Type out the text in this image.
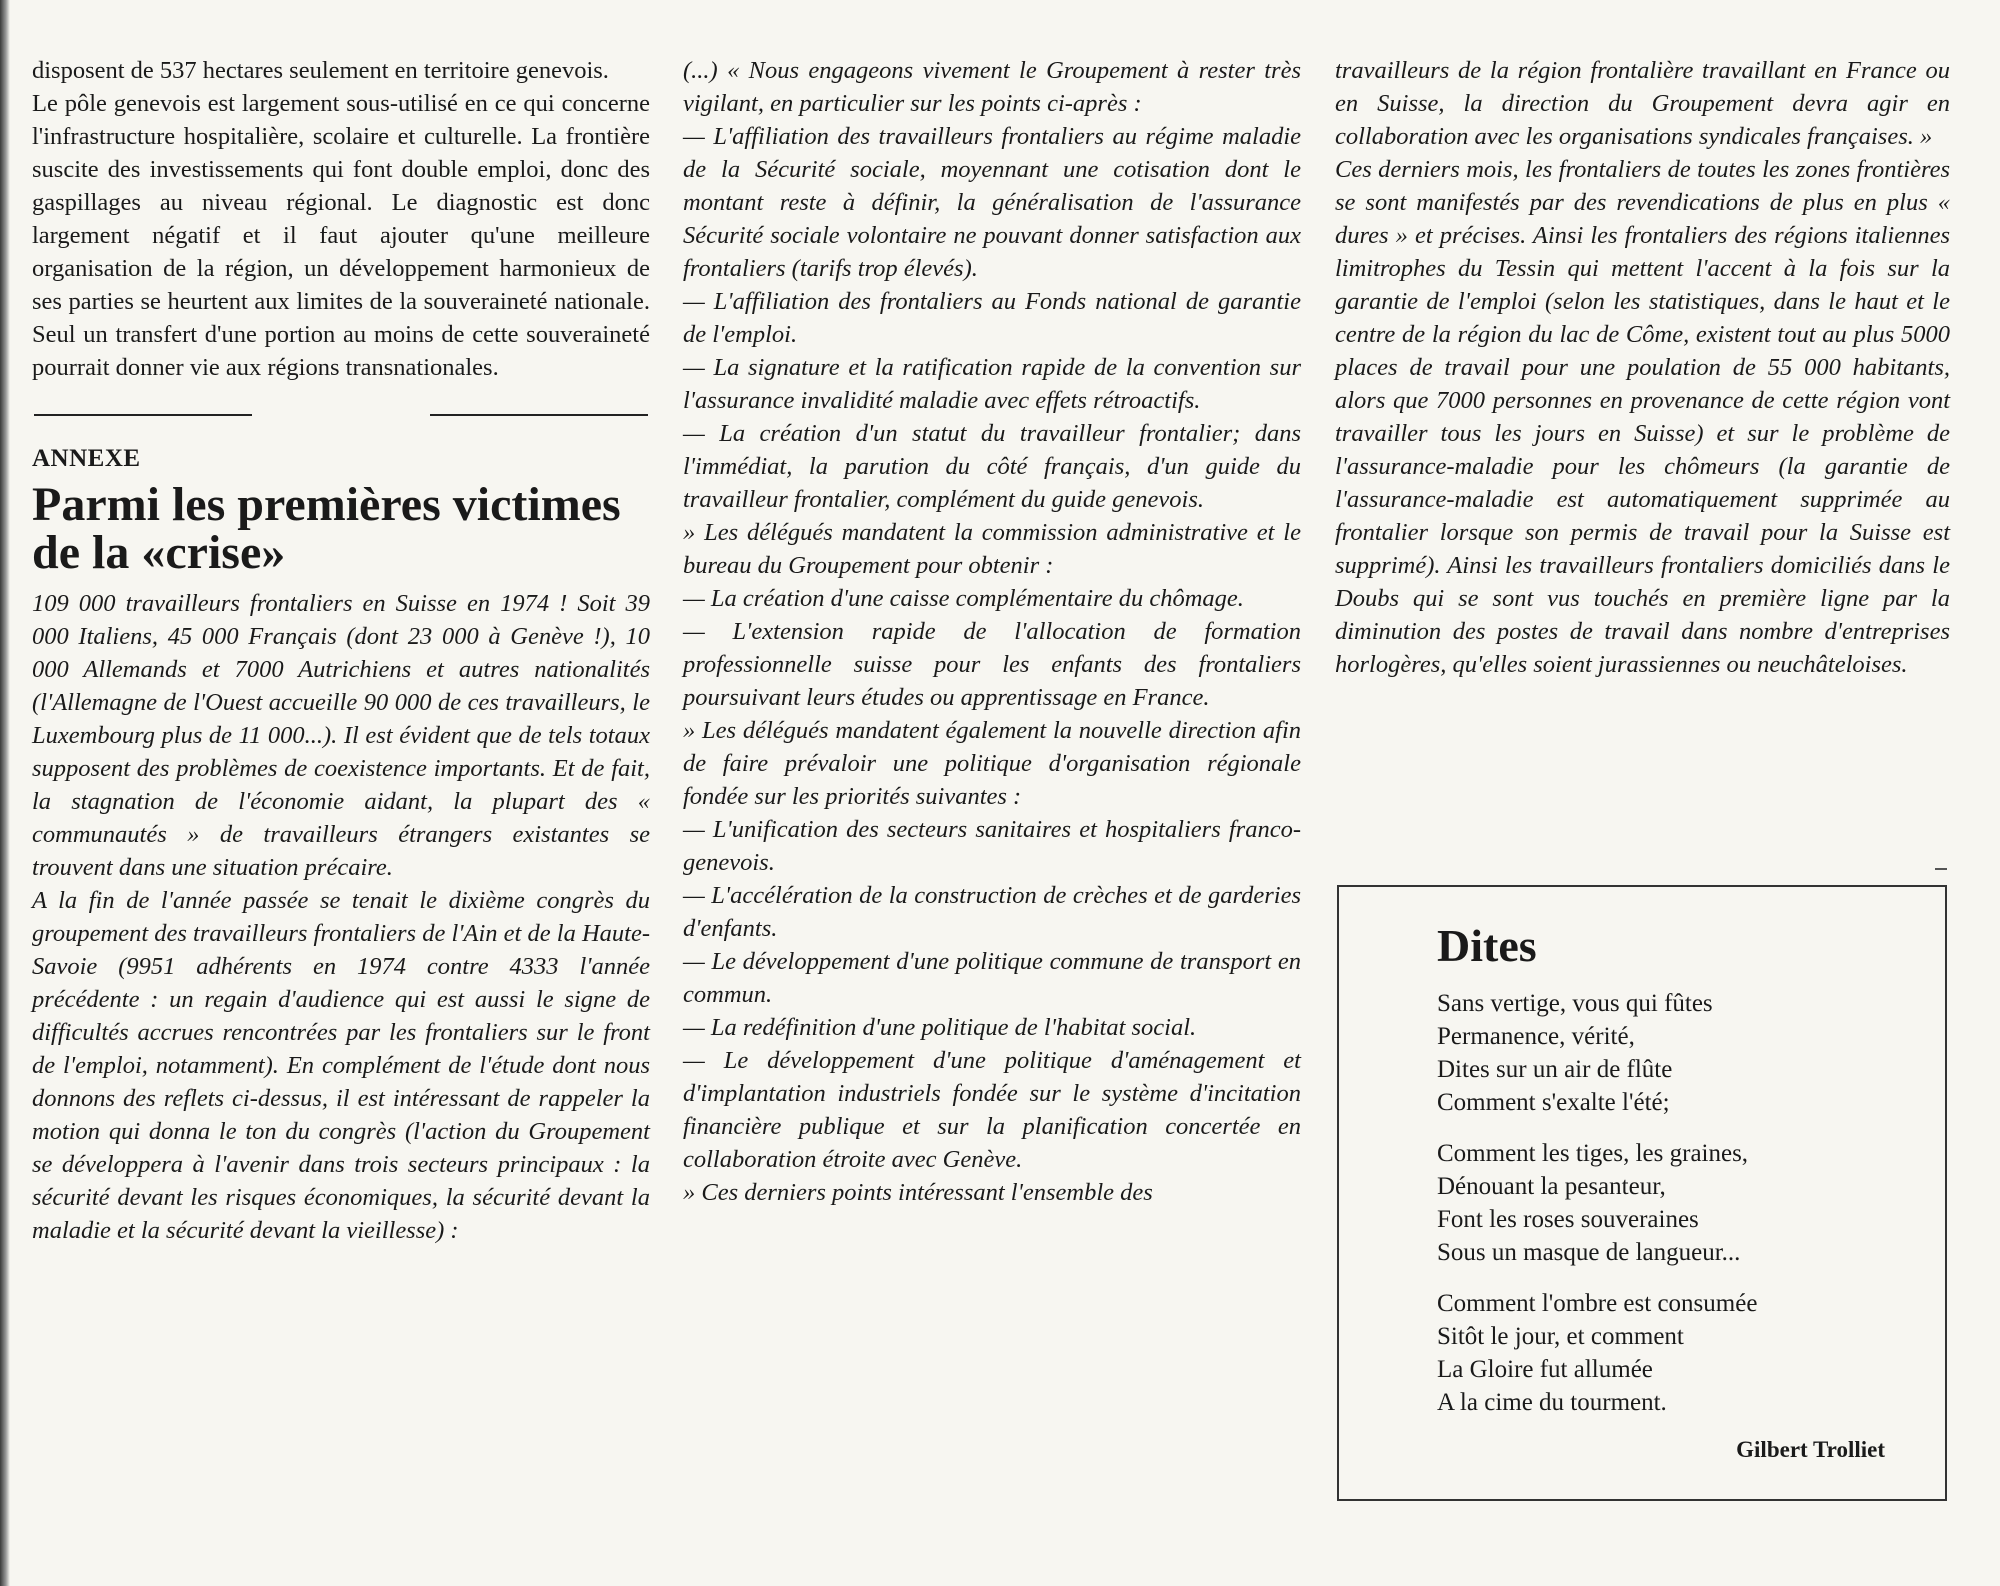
disposent de 537 hectares seulement en territoire genevois.

Le pôle genevois est largement sous-utilisé en ce qui concerne l'infrastructure hospitalière, scolaire et culturelle. La frontière suscite des investissements qui font double emploi, donc des gaspillages au niveau régional. Le diagnostic est donc largement négatif et il faut ajouter qu'une meilleure organisation de la région, un développement harmonieux de ses parties se heurtent aux limites de la souveraineté nationale. Seul un transfert d'une portion au moins de cette souveraineté pourrait donner vie aux régions transnationales.

ANNEXE
Parmi les premières victimes de la «crise»

109 000 travailleurs frontaliers en Suisse en 1974 ! Soit 39 000 Italiens, 45 000 Français (dont 23 000 à Genève !), 10 000 Allemands et 7000 Autrichiens et autres nationalités (l'Allemagne de l'Ouest accueille 90 000 de ces travailleurs, le Luxembourg plus de 11 000...). Il est évident que de tels totaux supposent des problèmes de coexistence importants. Et de fait, la stagnation de l'économie aidant, la plupart des « communautés » de travailleurs étrangers existantes se trouvent dans une situation précaire.

A la fin de l'année passée se tenait le dixième congrès du groupement des travailleurs frontaliers de l'Ain et de la Haute-Savoie (9951 adhérents en 1974 contre 4333 l'année précédente : un regain d'audience qui est aussi le signe de difficultés accrues rencontrées par les frontaliers sur le front de l'emploi, notamment). En complément de l'étude dont nous donnons des reflets ci-dessus, il est intéressant de rappeler la motion qui donna le ton du congrès (l'action du Groupement se développera à l'avenir dans trois secteurs principaux : la sécurité devant les risques économiques, la sécurité devant la maladie et la sécurité devant la vieillesse) :

(...) « Nous engageons vivement le Groupement à rester très vigilant, en particulier sur les points ci-après :

— L'affiliation des travailleurs frontaliers au régime maladie de la Sécurité sociale, moyennant une cotisation dont le montant reste à définir, la généralisation de l'assurance Sécurité sociale volontaire ne pouvant donner satisfaction aux frontaliers (tarifs trop élevés).

— L'affiliation des frontaliers au Fonds national de garantie de l'emploi.

— La signature et la ratification rapide de la convention sur l'assurance invalidité maladie avec effets rétroactifs.

— La création d'un statut du travailleur frontalier; dans l'immédiat, la parution du côté français, d'un guide du travailleur frontalier, complément du guide genevois.

» Les délégués mandatent la commission administrative et le bureau du Groupement pour obtenir :

— La création d'une caisse complémentaire du chômage.

— L'extension rapide de l'allocation de formation professionnelle suisse pour les enfants des frontaliers poursuivant leurs études ou apprentissage en France.

» Les délégués mandatent également la nouvelle direction afin de faire prévaloir une politique d'organisation régionale fondée sur les priorités suivantes :

— L'unification des secteurs sanitaires et hospitaliers franco-genevois.

— L'accélération de la construction de crèches et de garderies d'enfants.

— Le développement d'une politique commune de transport en commun.

— La redéfinition d'une politique de l'habitat social.

— Le développement d'une politique d'aménagement et d'implantation industriels fondée sur le système d'incitation financière publique et sur la planification concertée en collaboration étroite avec Genève.

» Ces derniers points intéressant l'ensemble des

travailleurs de la région frontalière travaillant en France ou en Suisse, la direction du Groupement devra agir en collaboration avec les organisations syndicales françaises. »

Ces derniers mois, les frontaliers de toutes les zones frontières se sont manifestés par des revendications de plus en plus « dures » et précises. Ainsi les frontaliers des régions italiennes limitrophes du Tessin qui mettent l'accent à la fois sur la garantie de l'emploi (selon les statistiques, dans le haut et le centre de la région du lac de Côme, existent tout au plus 5000 places de travail pour une poulation de 55 000 habitants, alors que 7000 personnes en provenance de cette région vont travailler tous les jours en Suisse) et sur le problème de l'assurance-maladie pour les chômeurs (la garantie de l'assurance-maladie est automatiquement supprimée au frontalier lorsque son permis de travail pour la Suisse est supprimé). Ainsi les travailleurs frontaliers domiciliés dans le Doubs qui se sont vus touchés en première ligne par la diminution des postes de travail dans nombre d'entreprises horlogères, qu'elles soient jurassiennes ou neuchâteloises.

Dites
Sans vertige, vous qui fûtes
Permanence, vérité,
Dites sur un air de flûte
Comment s'exalte l'été;
Comment les tiges, les graines,
Dénouant la pesanteur,
Font les roses souveraines
Sous un masque de langueur...
Comment l'ombre est consumée
Sitôt le jour, et comment
La Gloire fut allumée
A la cime du tourment.
Gilbert Trolliet
